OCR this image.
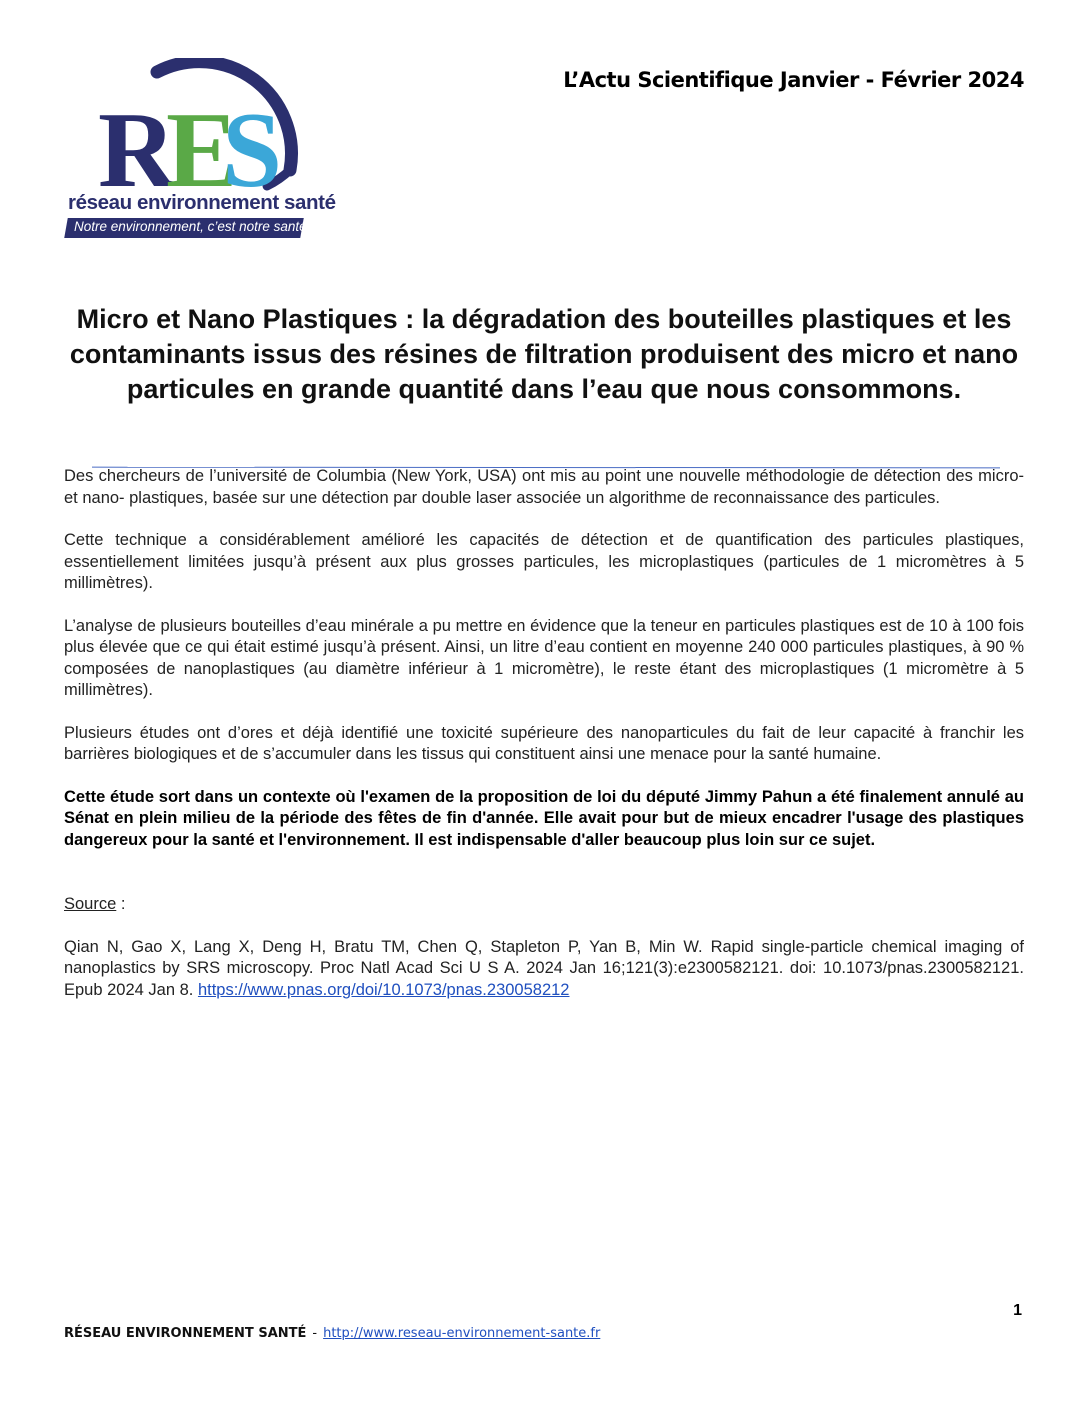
R
E
S
réseau environnement santé
Notre environnement, c’est notre santé
L’Actu Scientifique Janvier - Février 2024
Micro et Nano Plastiques : la dégradation des bouteilles plastiques et les contaminants issus des résines de filtration produisent des micro et nano particules en grande quantité dans l’eau que nous consommons.

Des chercheurs de l’université de Columbia (New York, USA) ont mis au point une nouvelle méthodologie de détection des micro- et nano- plastiques, basée sur une détection par double laser associée un algorithme de reconnaissance des particules.

Cette technique a considérablement amélioré les capacités de détection et de quantification des particules plastiques, essentiellement limitées jusqu’à présent aux plus grosses particules, les microplastiques (particules de 1 micromètres à 5 millimètres).

L’analyse de plusieurs bouteilles d’eau minérale a pu mettre en évidence que la teneur en particules plastiques est de 10 à 100 fois plus élevée que ce qui était estimé jusqu’à présent. Ainsi, un litre d’eau contient en moyenne 240 000 particules plastiques, à 90 % composées de nanoplastiques (au diamètre inférieur à 1 micromètre), le reste étant des microplastiques (1 micromètre à 5 millimètres).

Plusieurs études ont d’ores et déjà identifié une toxicité supérieure des nanoparticules du fait de leur capacité à franchir les barrières biologiques et de s’accumuler dans les tissus qui constituent ainsi une menace pour la santé humaine.

Cette étude sort dans un contexte où l'examen de la proposition de loi du député Jimmy Pahun a été finalement annulé au Sénat en plein milieu de la période des fêtes de fin d'année. Elle avait pour but de mieux encadrer l'usage des plastiques dangereux pour la santé et l'environnement. Il est indispensable d'aller beaucoup plus loin sur ce sujet.

Source :

Qian N, Gao X, Lang X, Deng H, Bratu TM, Chen Q, Stapleton P, Yan B, Min W. Rapid single-particle chemical imaging of nanoplastics by SRS microscopy. Proc Natl Acad Sci U S A. 2024 Jan 16;121(3):e2300582121. doi: 10.1073/pnas.2300582121. Epub 2024 Jan 8. https://www.pnas.org/doi/10.1073/pnas.230058212

1
RÉSEAU ENVIRONNEMENT SANTÉ - http://www.reseau-environnement-sante.fr
